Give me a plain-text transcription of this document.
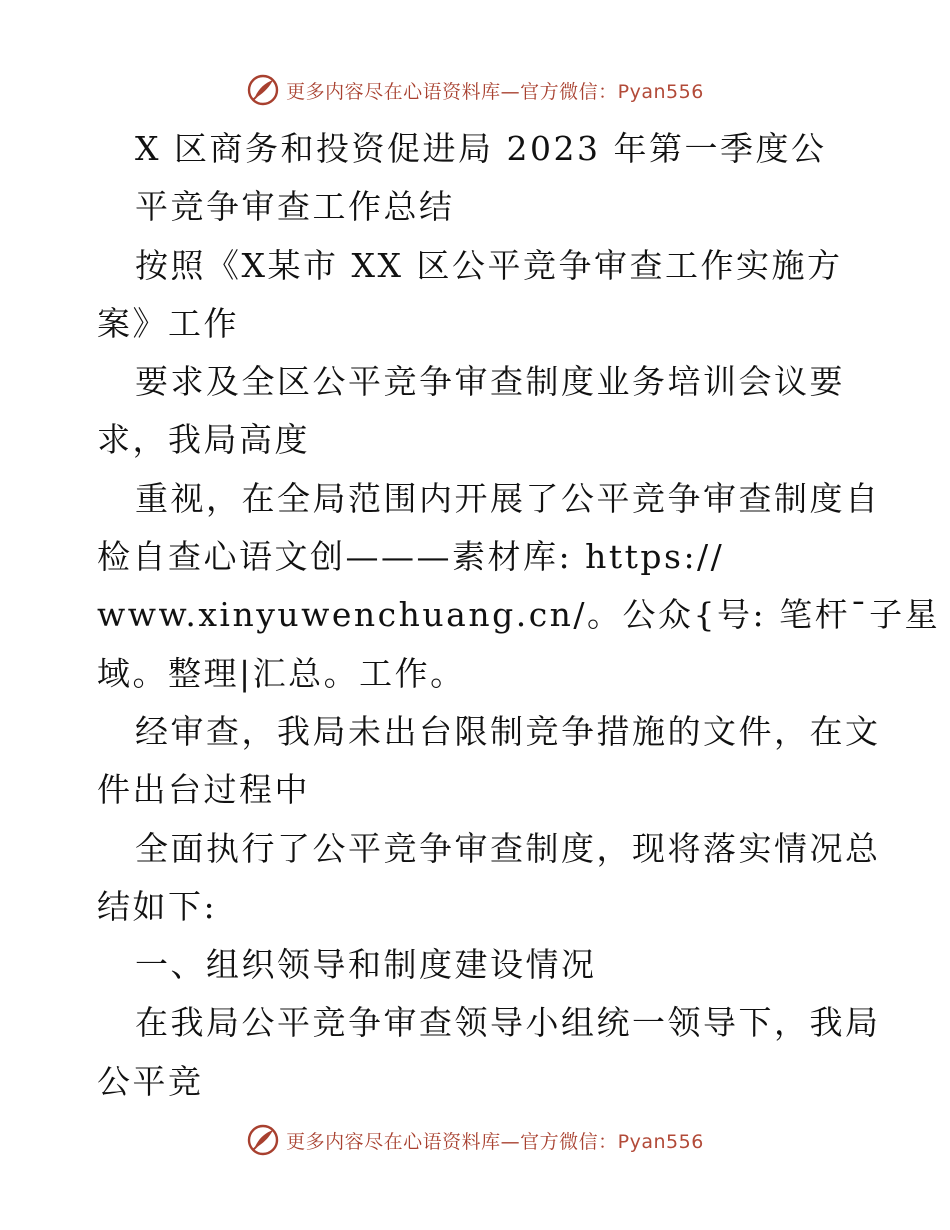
更多内容尽在心语资料库—官方微信：Pyan556
X 区商务和投资促进局 2023 年第一季度公
平竞争审查工作总结
按照《X某市 XX 区公平竞争审查工作实施方
案》工作
要求及全区公平竞争审查制度业务培训会议要
求，我局高度
重视，在全局范围内开展了公平竞争审查制度自
检自查心语文创———素材库: https://
www.xinyuwenchuang.cn/。公众{号: 笔杆¯子星
域。整理|汇总。工作。
经审查，我局未出台限制竞争措施的文件，在文
件出台过程中
全面执行了公平竞争审查制度，现将落实情况总
结如下:
一、组织领导和制度建设情况
在我局公平竞争审查领导小组统一领导下，我局
公平竞
更多内容尽在心语资料库—官方微信：Pyan556
